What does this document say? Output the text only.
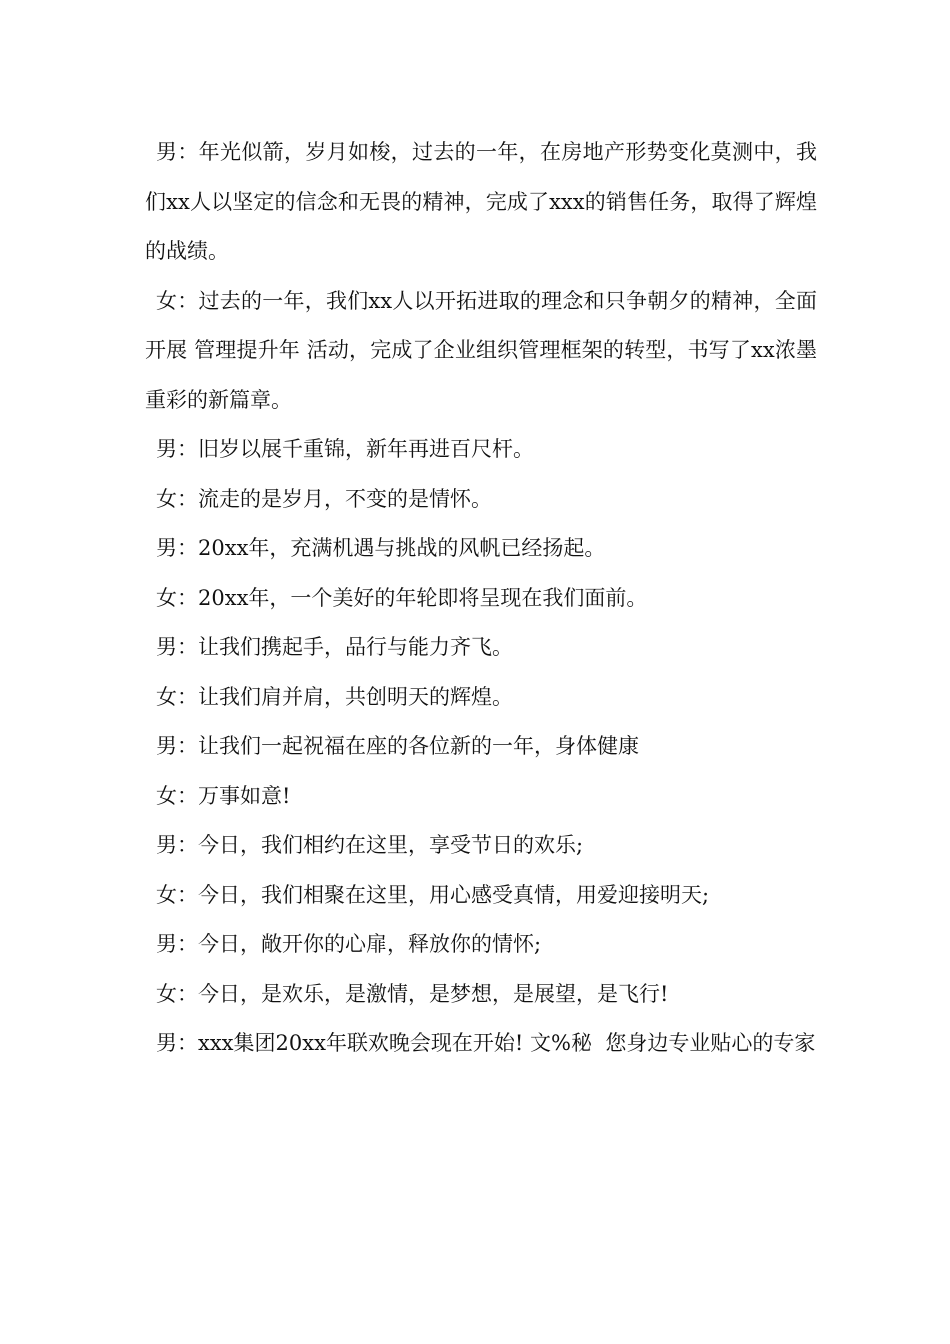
男：年光似箭，岁月如梭，过去的一年，在房地产形势变化莫测中，我们xx人以坚定的信念和无畏的精神，完成了xxx的销售任务，取得了辉煌的战绩。

女：过去的一年，我们xx人以开拓进取的理念和只争朝夕的精神，全面开展 管理提升年 活动，完成了企业组织管理框架的转型，书写了xx浓墨重彩的新篇章。

男：旧岁以展千重锦，新年再进百尺杆。

女：流走的是岁月，不变的是情怀。

男：20xx年，充满机遇与挑战的风帆已经扬起。

女：20xx年，一个美好的年轮即将呈现在我们面前。

男：让我们携起手，品行与能力齐飞。

女：让我们肩并肩，共创明天的辉煌。

男：让我们一起祝福在座的各位新的一年，身体健康

女：万事如意!

男：今日，我们相约在这里，享受节日的欢乐;

女：今日，我们相聚在这里，用心感受真情，用爱迎接明天;

男：今日，敞开你的心扉，释放你的情怀;

女：今日，是欢乐，是激情，是梦想，是展望，是飞行!

男：xxx集团20xx年联欢晚会现在开始! 文%秘  您身边专业贴心的专家
